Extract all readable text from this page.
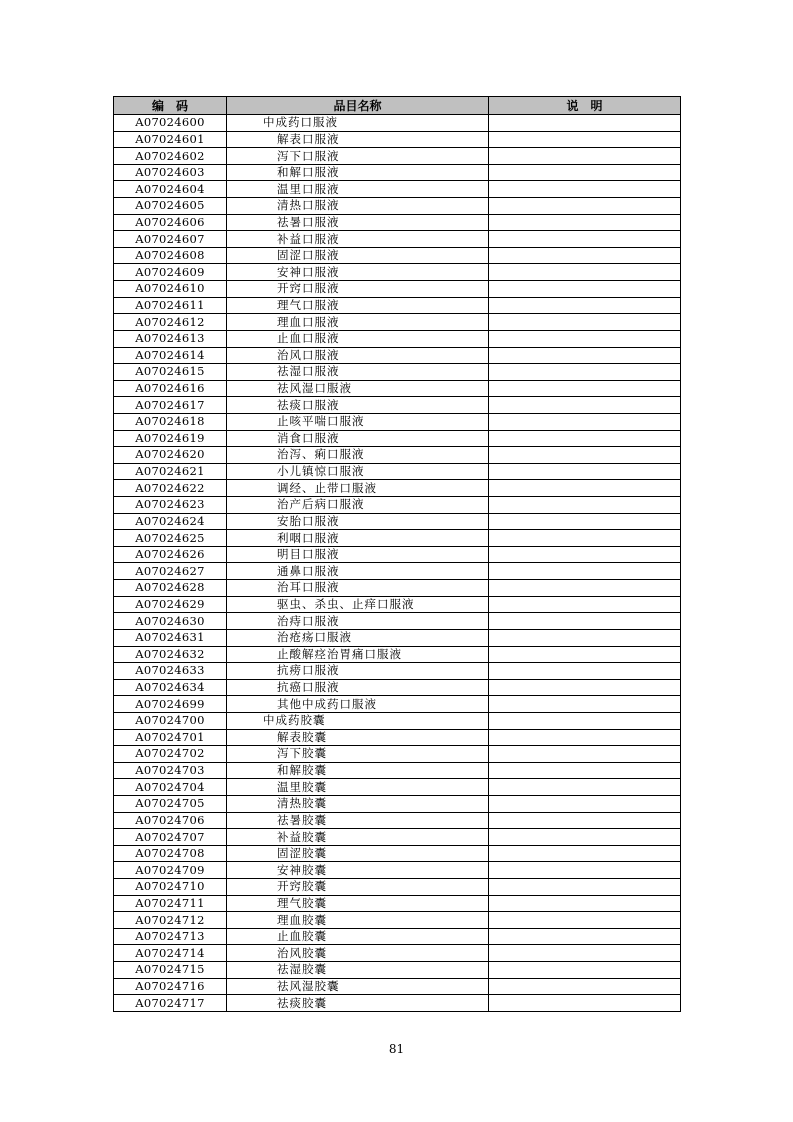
编　码	品目名称	说　明
A07024600	中成药口服液	
A07024601	解表口服液	
A07024602	泻下口服液	
A07024603	和解口服液	
A07024604	温里口服液	
A07024605	清热口服液	
A07024606	祛暑口服液	
A07024607	补益口服液	
A07024608	固涩口服液	
A07024609	安神口服液	
A07024610	开窍口服液	
A07024611	理气口服液	
A07024612	理血口服液	
A07024613	止血口服液	
A07024614	治风口服液	
A07024615	祛湿口服液	
A07024616	祛风湿口服液	
A07024617	祛痰口服液	
A07024618	止咳平喘口服液	
A07024619	消食口服液	
A07024620	治泻、痢口服液	
A07024621	小儿镇惊口服液	
A07024622	调经、止带口服液	
A07024623	治产后病口服液	
A07024624	安胎口服液	
A07024625	利咽口服液	
A07024626	明目口服液	
A07024627	通鼻口服液	
A07024628	治耳口服液	
A07024629	驱虫、杀虫、止痒口服液	
A07024630	治痔口服液	
A07024631	治疮疡口服液	
A07024632	止酸解痉治胃痛口服液	
A07024633	抗痨口服液	
A07024634	抗癌口服液	
A07024699	其他中成药口服液	
A07024700	中成药胶囊	
A07024701	解表胶囊	
A07024702	泻下胶囊	
A07024703	和解胶囊	
A07024704	温里胶囊	
A07024705	清热胶囊	
A07024706	祛暑胶囊	
A07024707	补益胶囊	
A07024708	固涩胶囊	
A07024709	安神胶囊	
A07024710	开窍胶囊	
A07024711	理气胶囊	
A07024712	理血胶囊	
A07024713	止血胶囊	
A07024714	治风胶囊	
A07024715	祛湿胶囊	
A07024716	祛风湿胶囊	
A07024717	祛痰胶囊	
81
